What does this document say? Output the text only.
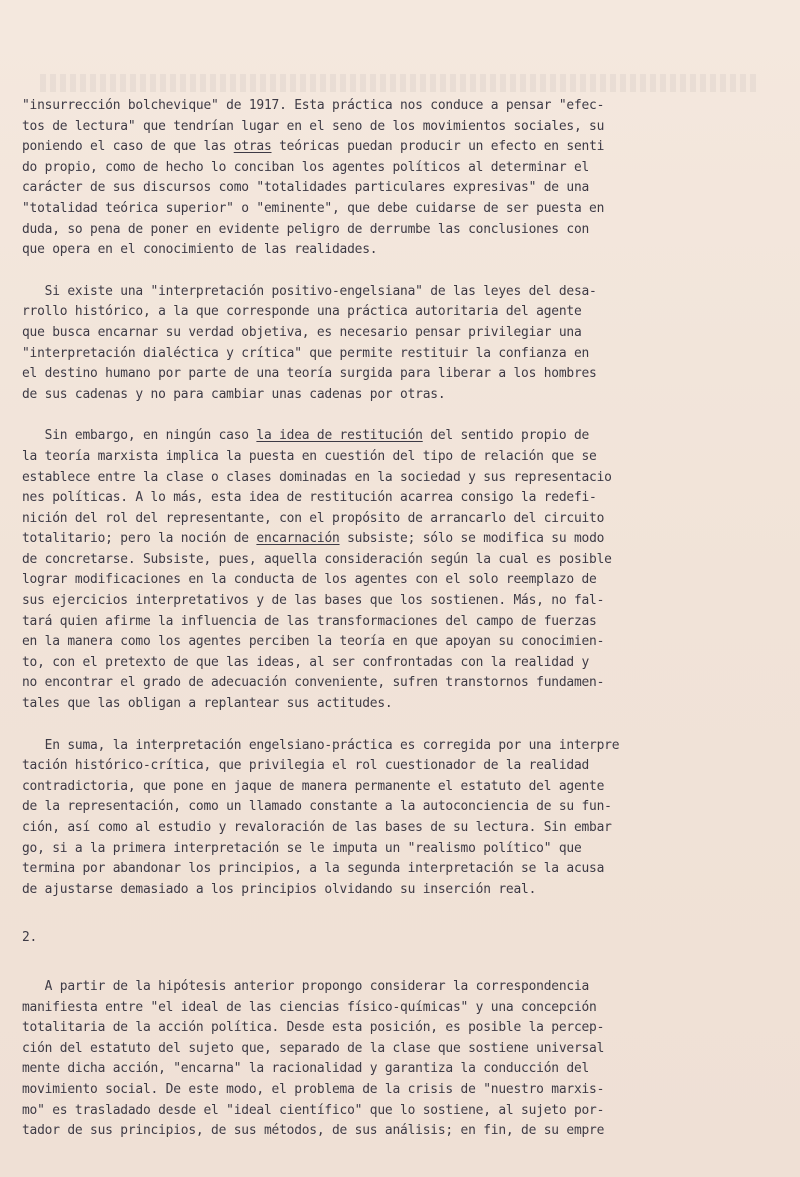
"insurrección bolchevique" de 1917. Esta práctica nos conduce a pensar "efec-
tos de lectura" que tendrían lugar en el seno de los movimientos sociales, su
poniendo el caso de que las otras teóricas puedan producir un efecto en senti
do propio, como de hecho lo conciban los agentes políticos al determinar el
carácter de sus discursos como "totalidades particulares expresivas" de una
"totalidad teórica superior" o "eminente", que debe cuidarse de ser puesta en
duda, so pena de poner en evidente peligro de derrumbe las conclusiones con
que opera en el conocimiento de las realidades.
Si existe una "interpretación positivo-engelsiana" de las leyes del desa-
rrollo histórico, a la que corresponde una práctica autoritaria del agente
que busca encarnar su verdad objetiva, es necesario pensar privilegiar una
"interpretación dialéctica y crítica" que permite restituir la confianza en
el destino humano por parte de una teoría surgida para liberar a los hombres
de sus cadenas y no para cambiar unas cadenas por otras.
Sin embargo, en ningún caso la idea de restitución del sentido propio de
la teoría marxista implica la puesta en cuestión del tipo de relación que se
establece entre la clase o clases dominadas en la sociedad y sus representacio
nes políticas. A lo más, esta idea de restitución acarrea consigo la redefi-
nición del rol del representante, con el propósito de arrancarlo del circuito
totalitario; pero la noción de encarnación subsiste; sólo se modifica su modo
de concretarse. Subsiste, pues, aquella consideración según la cual es posible
lograr modificaciones en la conducta de los agentes con el solo reemplazo de
sus ejercicios interpretativos y de las bases que los sostienen. Más, no fal-
tará quien afirme la influencia de las transformaciones del campo de fuerzas
en la manera como los agentes perciben la teoría en que apoyan su conocimien-
to, con el pretexto de que las ideas, al ser confrontadas con la realidad y
no encontrar el grado de adecuación conveniente, sufren transtornos fundamen-
tales que las obligan a replantear sus actitudes.
En suma, la interpretación engelsiano-práctica es corregida por una interpre
tación histórico-crítica, que privilegia el rol cuestionador de la realidad
contradictoria, que pone en jaque de manera permanente el estatuto del agente
de la representación, como un llamado constante a la autoconciencia de su fun-
ción, así como al estudio y revaloración de las bases de su lectura. Sin embar
go, si a la primera interpretación se le imputa un "realismo político" que
termina por abandonar los principios, a la segunda interpretación se la acusa
de ajustarse demasiado a los principios olvidando su inserción real.
2.
A partir de la hipótesis anterior propongo considerar la correspondencia
manifiesta entre "el ideal de las ciencias físico-químicas" y una concepción
totalitaria de la acción política. Desde esta posición, es posible la percep-
ción del estatuto del sujeto que, separado de la clase que sostiene universal
mente dicha acción, "encarna" la racionalidad y garantiza la conducción del
movimiento social. De este modo, el problema de la crisis de "nuestro marxis-
mo" es trasladado desde el "ideal científico" que lo sostiene, al sujeto por-
tador de sus principios, de sus métodos, de sus análisis; en fin, de su empre
